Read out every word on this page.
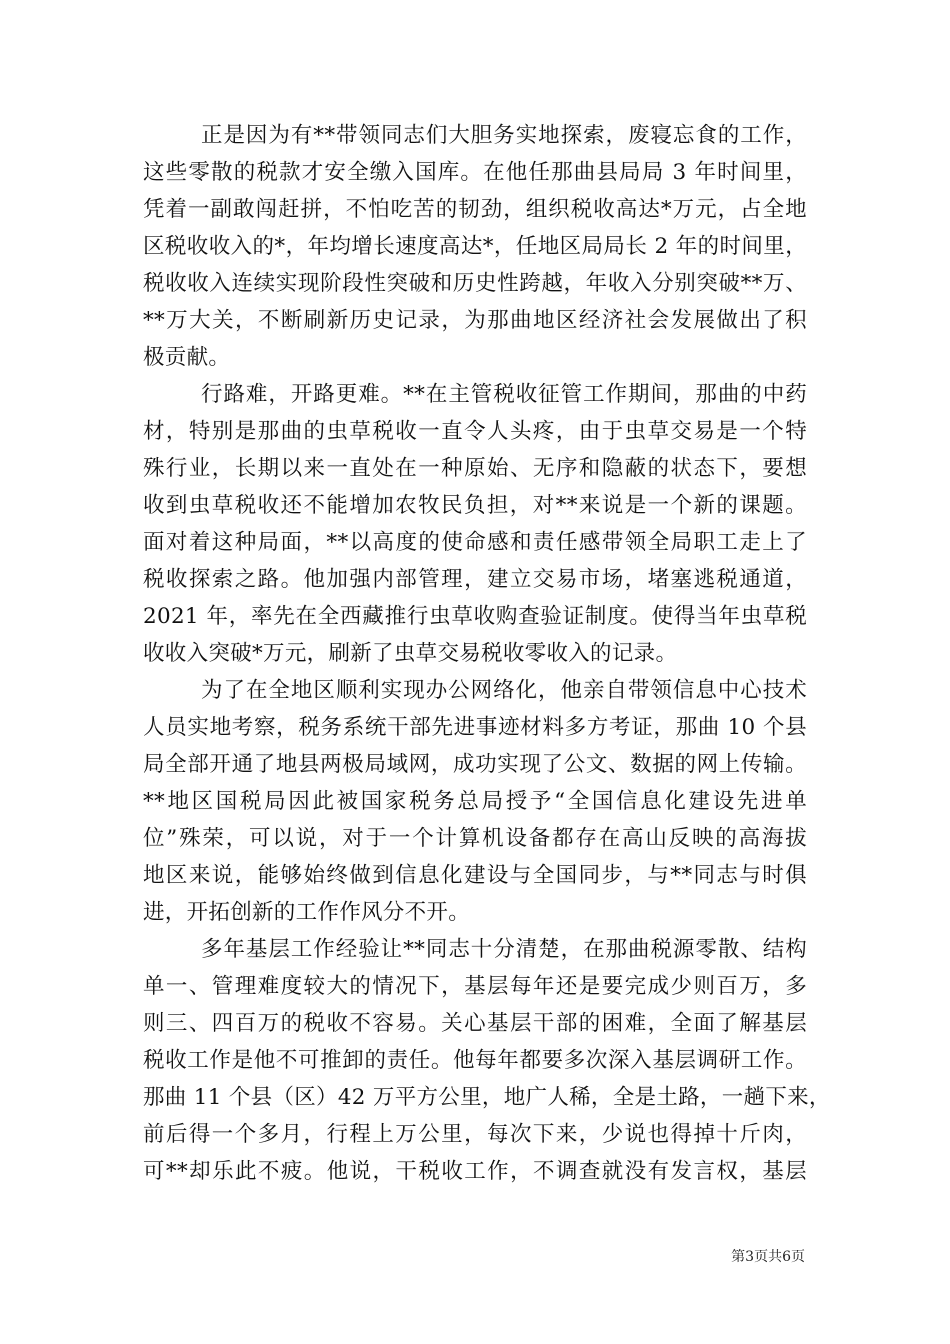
正是因为有**带领同志们大胆务实地探索，废寝忘食的工作，
这些零散的税款才安全缴入国库。在他任那曲县局局 3 年时间里，
凭着一副敢闯赶拼，不怕吃苦的韧劲，组织税收高达*万元，占全地
区税收收入的*，年均增长速度高达*，任地区局局长 2 年的时间里，
税收收入连续实现阶段性突破和历史性跨越，年收入分别突破**万、
**万大关，不断刷新历史记录，为那曲地区经济社会发展做出了积
极贡献。
行路难，开路更难。**在主管税收征管工作期间，那曲的中药
材，特别是那曲的虫草税收一直令人头疼，由于虫草交易是一个特
殊行业，长期以来一直处在一种原始、无序和隐蔽的状态下，要想
收到虫草税收还不能增加农牧民负担，对**来说是一个新的课题。
面对着这种局面，**以高度的使命感和责任感带领全局职工走上了
税收探索之路。他加强内部管理，建立交易市场，堵塞逃税通道，
2021 年，率先在全西藏推行虫草收购查验证制度。使得当年虫草税
收收入突破*万元，刷新了虫草交易税收零收入的记录。
为了在全地区顺利实现办公网络化，他亲自带领信息中心技术
人员实地考察，税务系统干部先进事迹材料多方考证，那曲 10 个县
局全部开通了地县两极局域网，成功实现了公文、数据的网上传输。
**地区国税局因此被国家税务总局授予“全国信息化建设先进单
位”殊荣，可以说，对于一个计算机设备都存在高山反映的高海拔
地区来说，能够始终做到信息化建设与全国同步，与**同志与时俱
进，开拓创新的工作作风分不开。
多年基层工作经验让**同志十分清楚，在那曲税源零散、结构
单一、管理难度较大的情况下，基层每年还是要完成少则百万，多
则三、四百万的税收不容易。关心基层干部的困难，全面了解基层
税收工作是他不可推卸的责任。他每年都要多次深入基层调研工作。
那曲 11 个县（区）42 万平方公里，地广人稀，全是土路，一趟下来，
前后得一个多月，行程上万公里，每次下来，少说也得掉十斤肉，
可**却乐此不疲。他说，干税收工作，不调查就没有发言权，基层
第3页共6页
